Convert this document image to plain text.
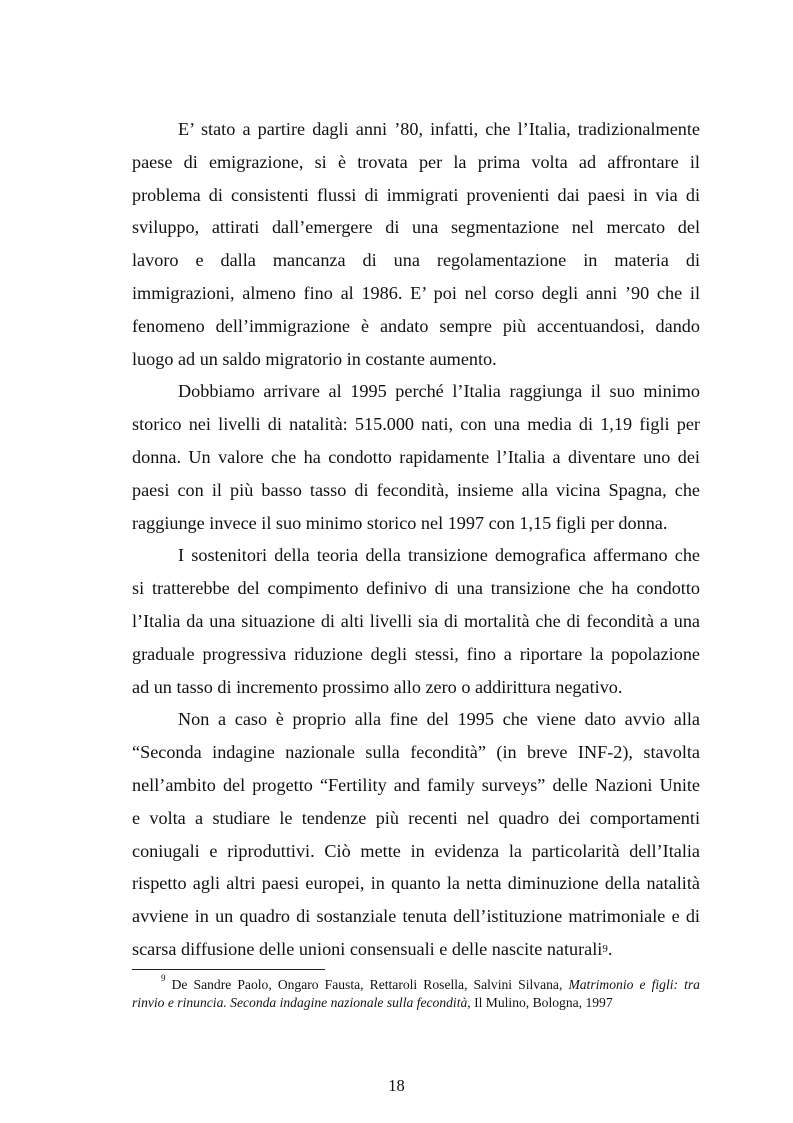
E’ stato a partire dagli anni ’80, infatti, che l’Italia, tradizionalmente
paese di emigrazione, si è trovata per la prima volta ad affrontare il
problema di consistenti flussi di immigrati provenienti dai paesi in via di
sviluppo, attirati dall’emergere di una segmentazione nel mercato del
lavoro e dalla mancanza di una regolamentazione in materia di
immigrazioni, almeno fino al 1986. E’ poi nel corso degli anni ’90 che il
fenomeno dell’immigrazione è andato sempre più accentuandosi, dando
luogo ad un saldo migratorio in costante aumento.
Dobbiamo arrivare al 1995 perché l’Italia raggiunga il suo minimo
storico nei livelli di natalità: 515.000 nati, con una media di 1,19 figli per
donna. Un valore che ha condotto rapidamente l’Italia a diventare uno dei
paesi con il più basso tasso di fecondità, insieme alla vicina Spagna, che
raggiunge invece il suo minimo storico nel 1997 con 1,15 figli per donna.
I sostenitori della teoria della transizione demografica affermano che
si tratterebbe del compimento definivo di una transizione che ha condotto
l’Italia da una situazione di alti livelli sia di mortalità che di fecondità a una
graduale progressiva riduzione degli stessi, fino a riportare la popolazione
ad un tasso di incremento prossimo allo zero o addirittura negativo.
Non a caso è proprio alla fine del 1995 che viene dato avvio alla
“Seconda indagine nazionale sulla fecondità” (in breve INF-2), stavolta
nell’ambito del progetto “Fertility and family surveys” delle Nazioni Unite
e volta a studiare le tendenze più recenti nel quadro dei comportamenti
coniugali e riproduttivi. Ciò mette in evidenza la particolarità dell’Italia
rispetto agli altri paesi europei, in quanto la netta diminuzione della natalità
avviene in un quadro di sostanziale tenuta dell’istituzione matrimoniale e di
scarsa diffusione delle unioni consensuali e delle nascite naturali$^9$.
$^9$ De Sandre Paolo, Ongaro Fausta, Rettaroli Rosella, Salvini Silvana, Matrimonio e figli: tra
rinvio e rinuncia. Seconda indagine nazionale sulla fecondità, Il Mulino, Bologna, 1997
18
